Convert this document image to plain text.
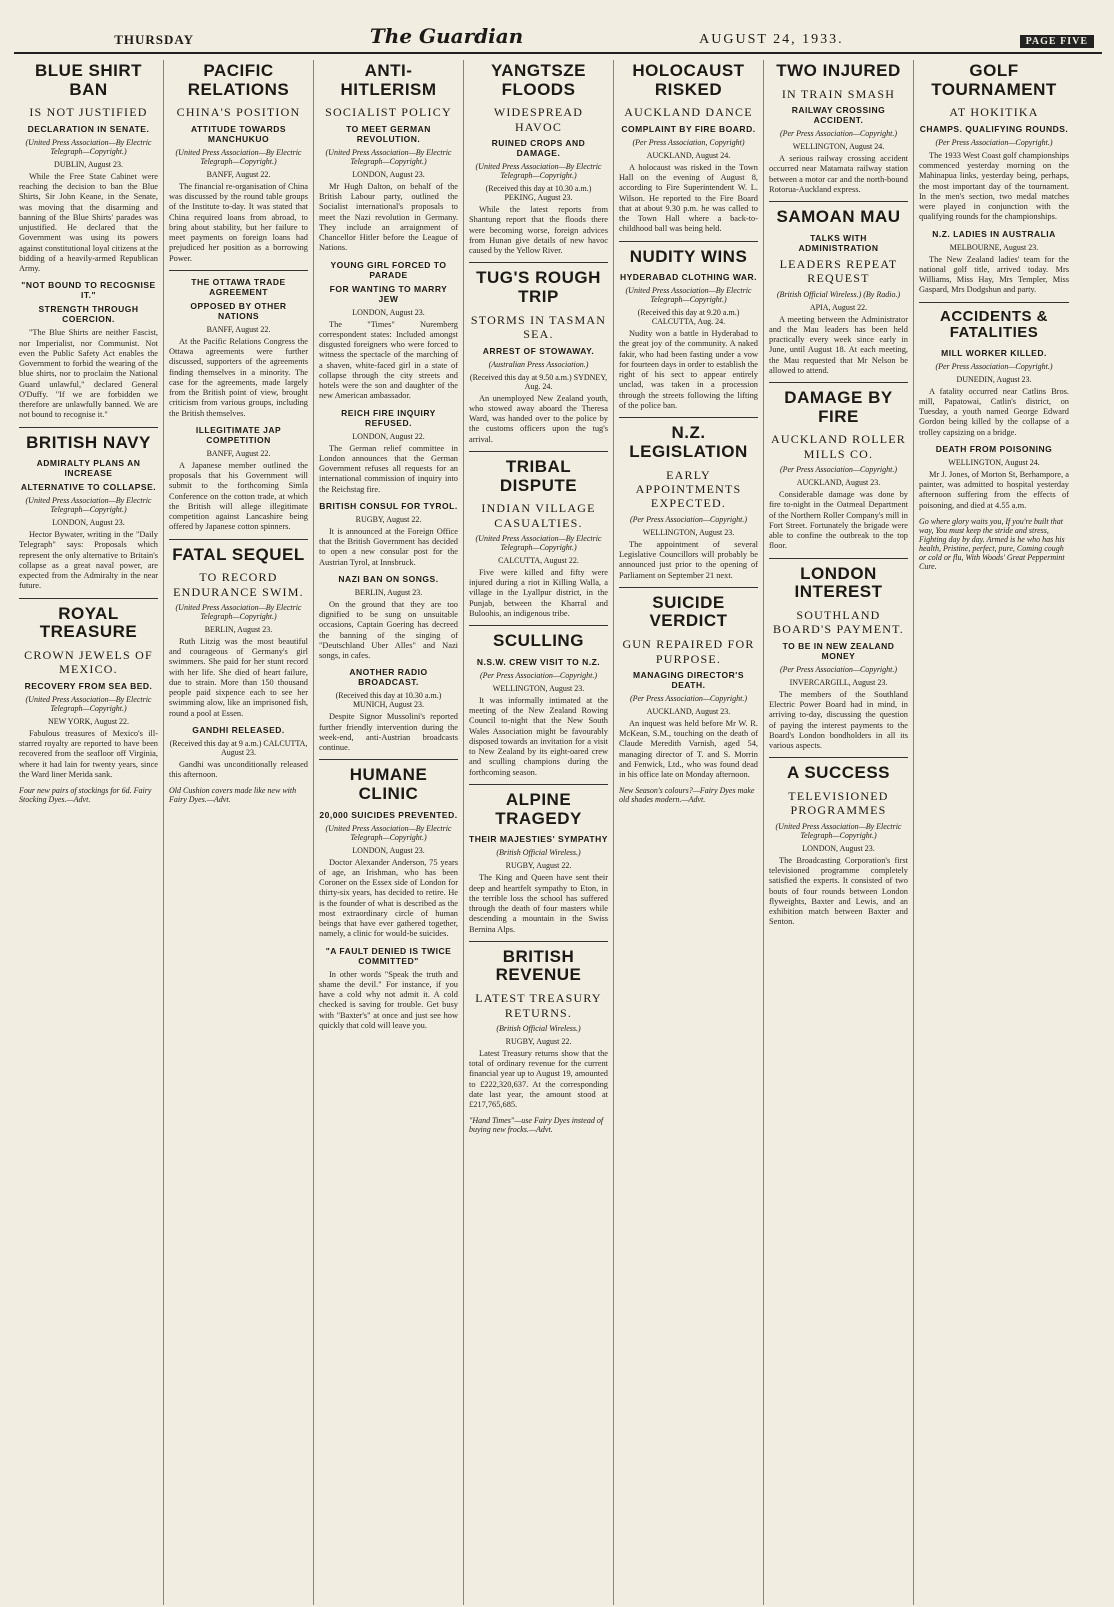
THURSDAY	The Guardian	AUGUST 24, 1933.	PAGE FIVE
BLUE SHIRT BAN
IS NOT JUSTIFIED
DECLARATION IN SENATE.
(United Press Association—By Electric Telegraph—Copyright.)
DUBLIN, August 23.

While the Free State Cabinet were reaching the decision to ban the Blue Shirts, Sir John Keane, in the Senate, was moving that the disarming and banning of the Blue Shirts' parades was unjustified. He declared that the Government was using its powers against constitutional loyal citizens at the bidding of a heavily-armed Republican Army.

"NOT BOUND TO RECOGNISE IT."
STRENGTH THROUGH COERCION.

"The Blue Shirts are neither Fascist, nor Imperialist, nor Communist. Not even the Public Safety Act enables the Government to forbid the wearing of the blue shirts, nor to proclaim the National Guard unlawful," declared General O'Duffy. "If we are forbidden we therefore are unlawfully banned. We are not bound to recognise it."

BRITISH NAVY
ADMIRALTY PLANS AN INCREASE
ALTERNATIVE TO COLLAPSE.
(United Press Association—By Electric Telegraph—Copyright.)
LONDON, August 23.

Hector Bywater, writing in the "Daily Telegraph" says: Proposals which represent the only alternative to Britain's collapse as a great naval power, are expected from the Admiralty in the near future.

ROYAL TREASURE
CROWN JEWELS OF MEXICO.
RECOVERY FROM SEA BED.
(United Press Association—By Electric Telegraph—Copyright.)
NEW YORK, August 22.

Fabulous treasures of Mexico's ill-starred royalty are reported to have been recovered from the seafloor off Virginia, where it had lain for twenty years, since the Ward liner Merida sank.

Four new pairs of stockings for 6d. Fairy Stocking Dyes.—Advt.
PACIFIC RELATIONS
CHINA'S POSITION
ATTITUDE TOWARDS MANCHUKUO
(United Press Association—By Electric Telegraph—Copyright.)
BANFF, August 22.

The financial re-organisation of China was discussed by the round table groups of the Institute to-day. It was stated that China required loans from abroad, to bring about stability, but her failure to meet payments on foreign loans had prejudiced her position as a borrowing Power.

THE OTTAWA TRADE AGREEMENT
OPPOSED BY OTHER NATIONS
BANFF, August 22.

At the Pacific Relations Congress the Ottawa agreements were further discussed, supporters of the agreements finding themselves in a minority. The case for the agreements, made largely from the British point of view, brought criticism from various groups, including the British themselves.

ILLEGITIMATE JAP COMPETITION
BANFF, August 22.

A Japanese member outlined the proposals that his Government will submit to the forthcoming Simla Conference on the cotton trade, at which the British will allege illegitimate competition against Lancashire being offered by Japanese cotton spinners.

FATAL SEQUEL
TO RECORD ENDURANCE SWIM.
(United Press Association—By Electric Telegraph—Copyright.)
BERLIN, August 23.

Ruth Litzig was the most beautiful and courageous of Germany's girl swimmers. She paid for her stunt record with her life. She died of heart failure, due to strain. More than 150 thousand people paid sixpence each to see her swimming alow, like an imprisoned fish, round a pool at Essen.

GANDHI RELEASED.
(Received this day at 9 a.m.) CALCUTTA, August 23.

Gandhi was unconditionally released this afternoon.

Old Cushion covers made like new with Fairy Dyes.—Advt.
ANTI-HITLERISM
SOCIALIST POLICY
TO MEET GERMAN REVOLUTION.
(United Press Association—By Electric Telegraph—Copyright.)
LONDON, August 23.

Mr Hugh Dalton, on behalf of the British Labour party, outlined the Socialist international's proposals to meet the Nazi revolution in Germany. They include an arraignment of Chancellor Hitler before the League of Nations.

YOUNG GIRL FORCED TO PARADE
FOR WANTING TO MARRY JEW
LONDON, August 23.

The "Times" Nuremberg correspondent states: Included amongst disgusted foreigners who were forced to witness the spectacle of the marching of a shaven, white-faced girl in a state of collapse through the city streets and hotels were the son and daughter of the new American ambassador.

REICH FIRE INQUIRY REFUSED.
LONDON, August 22.

The German relief committee in London announces that the German Government refuses all requests for an international commission of inquiry into the Reichstag fire.

BRITISH CONSUL FOR TYROL.
RUGBY, August 22.

It is announced at the Foreign Office that the British Government has decided to open a new consular post for the Austrian Tyrol, at Innsbruck.

NAZI BAN ON SONGS.
BERLIN, August 23.

On the ground that they are too dignified to be sung on unsuitable occasions, Captain Goering has decreed the banning of the singing of "Deutschland Uber Alles" and Nazi songs, in cafes.

ANOTHER RADIO BROADCAST.
(Received this day at 10.30 a.m.) MUNICH, August 23.

Despite Signor Mussolini's reported further friendly intervention during the week-end, anti-Austrian broadcasts continue.

HUMANE CLINIC
20,000 SUICIDES PREVENTED.
(United Press Association—By Electric Telegraph—Copyright.)
LONDON, August 23.

Doctor Alexander Anderson, 75 years of age, an Irishman, who has been Coroner on the Essex side of London for thirty-six years, has decided to retire. He is the founder of what is described as the most extraordinary circle of human beings that have ever gathered together, namely, a clinic for would-be suicides.

"A FAULT DENIED IS TWICE COMMITTED"

In other words "Speak the truth and shame the devil." For instance, if you have a cold why not admit it. A cold checked is saving for trouble. Get busy with "Baxter's" at once and just see how quickly that cold will leave you.

YANGTSZE FLOODS
WIDESPREAD HAVOC
RUINED CROPS AND DAMAGE.
(United Press Association—By Electric Telegraph—Copyright.)
(Received this day at 10.30 a.m.) PEKING, August 23.

While the latest reports from Shantung report that the floods there were becoming worse, foreign advices from Hunan give details of new havoc caused by the Yellow River.

TUG'S ROUGH TRIP
STORMS IN TASMAN SEA.
ARREST OF STOWAWAY.
(Australian Press Association.)
(Received this day at 9.50 a.m.) SYDNEY, Aug. 24.

An unemployed New Zealand youth, who stowed away aboard the Theresa Ward, was handed over to the police by the customs officers upon the tug's arrival.

TRIBAL DISPUTE
INDIAN VILLAGE CASUALTIES.
(United Press Association—By Electric Telegraph—Copyright.)
CALCUTTA, August 22.

Five were killed and fifty were injured during a riot in Killing Walla, a village in the Lyallpur district, in the Punjab, between the Kharral and Buloohis, an indigenous tribe.

SCULLING
N.S.W. CREW VISIT TO N.Z.
(Per Press Association—Copyright.)
WELLINGTON, August 23.

It was informally intimated at the meeting of the New Zealand Rowing Council to-night that the New South Wales Association might be favourably disposed towards an invitation for a visit to New Zealand by its eight-oared crew and sculling champions during the forthcoming season.

ALPINE TRAGEDY
THEIR MAJESTIES' SYMPATHY
(British Official Wireless.)
RUGBY, August 22.

The King and Queen have sent their deep and heartfelt sympathy to Eton, in the terrible loss the school has suffered through the death of four masters while descending a mountain in the Swiss Bernina Alps.

BRITISH REVENUE
LATEST TREASURY RETURNS.
(British Official Wireless.)
RUGBY, August 22.

Latest Treasury returns show that the total of ordinary revenue for the current financial year up to August 19, amounted to £222,320,637. At the corresponding date last year, the amount stood at £217,765,685.

"Hand Times"—use Fairy Dyes instead of buying new frocks.—Advt.
HOLOCAUST RISKED
AUCKLAND DANCE
COMPLAINT BY FIRE BOARD.
(Per Press Association, Copyright)
AUCKLAND, August 24.

A holocaust was risked in the Town Hall on the evening of August 8, according to Fire Superintendent W. L. Wilson. He reported to the Fire Board that at about 9.30 p.m. he was called to the Town Hall where a back-to-childhood ball was being held.

NUDITY WINS
HYDERABAD CLOTHING WAR.
(United Press Association—By Electric Telegraph—Copyright.)
(Received this day at 9.20 a.m.) CALCUTTA, Aug. 24.

Nudity won a battle in Hyderabad to the great joy of the community. A naked fakir, who had been fasting under a vow for fourteen days in order to establish the right of his sect to appear entirely unclad, was taken in a procession through the streets following the lifting of the police ban.

N.Z. LEGISLATION
EARLY APPOINTMENTS EXPECTED.
(Per Press Association—Copyright.)
WELLINGTON, August 23.

The appointment of several Legislative Councillors will probably be announced just prior to the opening of Parliament on September 21 next.

SUICIDE VERDICT
GUN REPAIRED FOR PURPOSE.
MANAGING DIRECTOR'S DEATH.
(Per Press Association—Copyright.)
AUCKLAND, August 23.

An inquest was held before Mr W. R. McKean, S.M., touching on the death of Claude Meredith Varnish, aged 54, managing director of T. and S. Morrin and Fenwick, Ltd., who was found dead in his office late on Monday afternoon.

New Season's colours?—Fairy Dyes make old shades modern.—Advt.
TWO INJURED
IN TRAIN SMASH
RAILWAY CROSSING ACCIDENT.
(Per Press Association—Copyright.)
WELLINGTON, August 24.

A serious railway crossing accident occurred near Matamata railway station between a motor car and the north-bound Rotorua-Auckland express.

SAMOAN MAU
TALKS WITH ADMINISTRATION
LEADERS REPEAT REQUEST
(British Official Wireless.) (By Radio.)
APIA, August 22.

A meeting between the Administrator and the Mau leaders has been held practically every week since early in June, until August 18. At each meeting, the Mau requested that Mr Nelson be allowed to attend.

DAMAGE BY FIRE
AUCKLAND ROLLER MILLS CO.
(Per Press Association—Copyright.)
AUCKLAND, August 23.

Considerable damage was done by fire to-night in the Oatmeal Department of the Northern Roller Company's mill in Fort Street. Fortunately the brigade were able to confine the outbreak to the top floor.

LONDON INTEREST
SOUTHLAND BOARD'S PAYMENT.
TO BE IN NEW ZEALAND MONEY
(Per Press Association—Copyright.)
INVERCARGILL, August 23.

The members of the Southland Electric Power Board had in mind, in arriving to-day, discussing the question of paying the interest payments to the Board's London bondholders in all its various aspects.

A SUCCESS
TELEVISIONED PROGRAMMES
(United Press Association—By Electric Telegraph—Copyright.)
LONDON, August 23.

The Broadcasting Corporation's first televisioned programme completely satisfied the experts. It consisted of two bouts of four rounds between London flyweights, Baxter and Lewis, and an exhibition match between Baxter and Senton.

GOLF TOURNAMENT
AT HOKITIKA
CHAMPS. QUALIFYING ROUNDS.
(Per Press Association—Copyright.)

The 1933 West Coast golf championships commenced yesterday morning on the Mahinapua links, yesterday being, perhaps, the most important day of the tournament. In the men's section, two medal matches were played in conjunction with the qualifying rounds for the championships.

N.Z. LADIES IN AUSTRALIA
MELBOURNE, August 23.

The New Zealand ladies' team for the national golf title, arrived today. Mrs Williams, Miss Hay, Mrs Templer, Miss Gaspard, Mrs Dodgshun and party.

ACCIDENTS & FATALITIES
MILL WORKER KILLED.
(Per Press Association—Copyright.)
DUNEDIN, August 23.

A fatality occurred near Catlins Bros. mill, Papatowai, Catlin's district, on Tuesday, a youth named George Edward Gordon being killed by the collapse of a trolley capsizing on a bridge.

DEATH FROM POISONING
WELLINGTON, August 24.

Mr J. Jones, of Morton St, Berhampore, a painter, was admitted to hospital yesterday afternoon suffering from the effects of poisoning, and died at 4.55 a.m.

Go where glory waits you, If you're built that way, You must keep the stride and stress, Fighting day by day. Armed is he who has his health, Pristine, perfect, pure, Coming cough or cold or flu, With Woods' Great Peppermint Cure.
